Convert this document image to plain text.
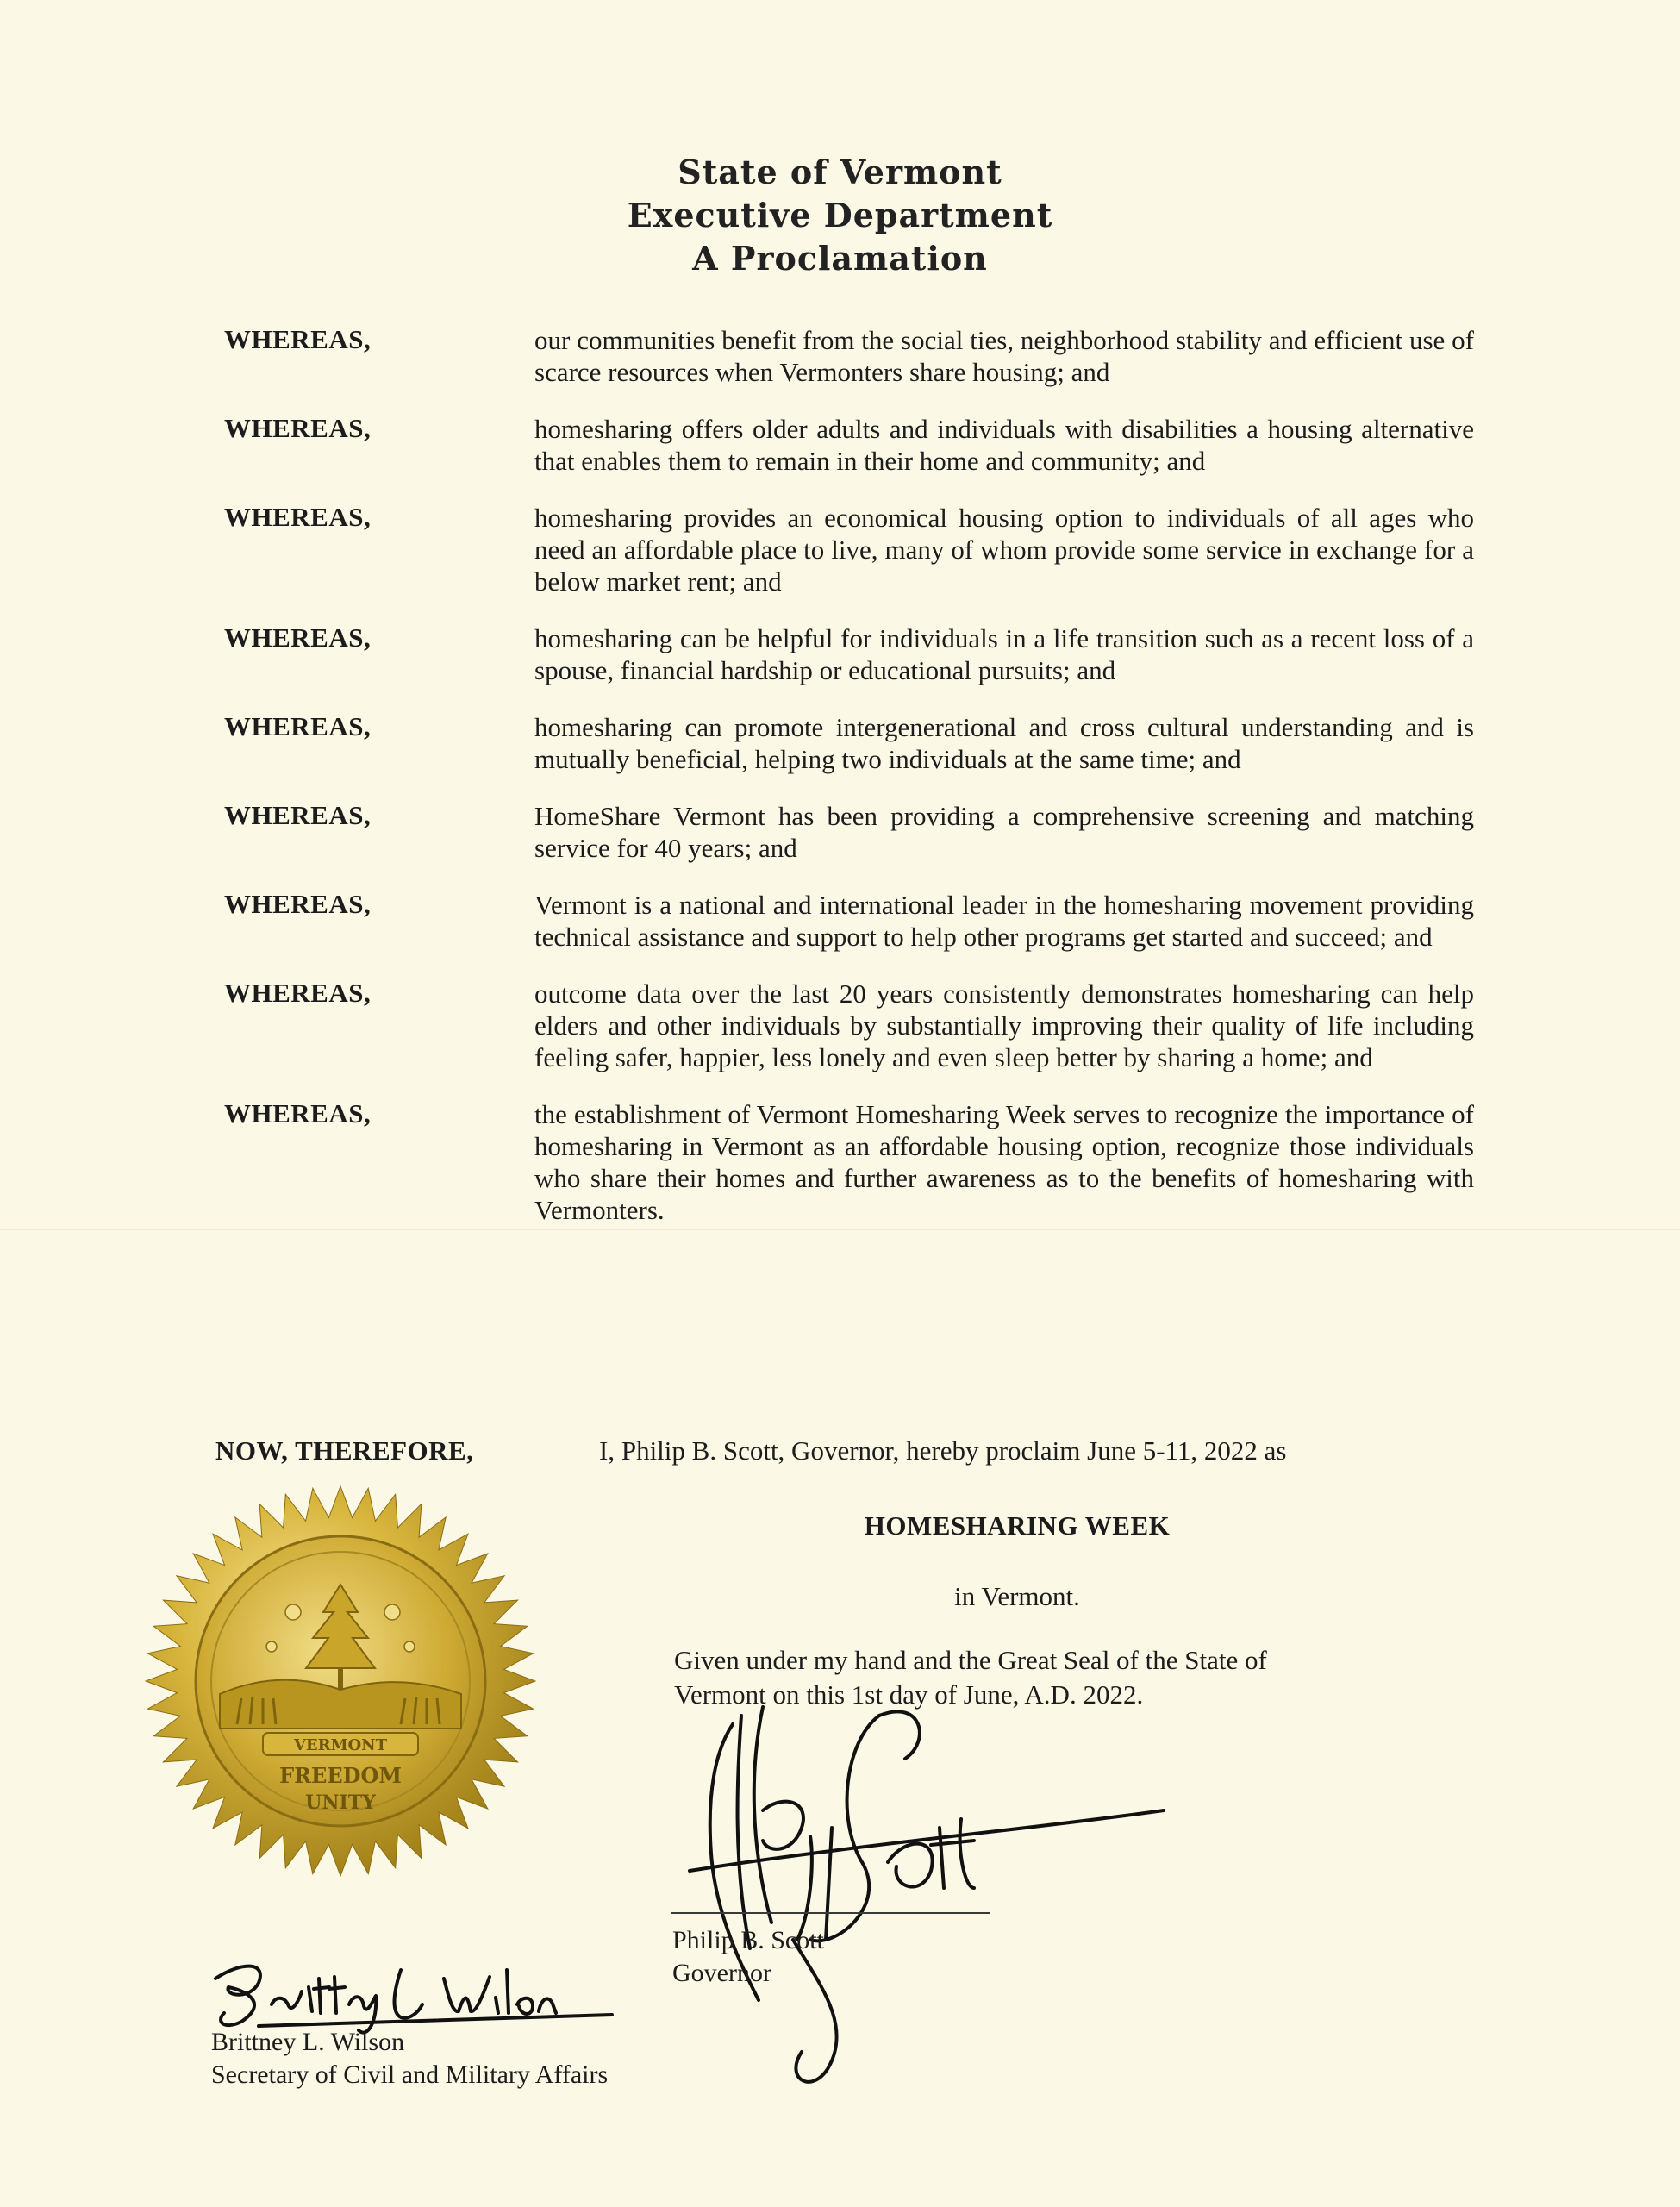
State of Vermont
Executive Department
A Proclamation
WHEREAS,	our communities benefit from the social ties, neighborhood stability and efficient use of scarce resources when Vermonters share housing; and
WHEREAS,	homesharing offers older adults and individuals with disabilities a housing alternative that enables them to remain in their home and community; and
WHEREAS,	homesharing provides an economical housing option to individuals of all ages who need an affordable place to live, many of whom provide some service in exchange for a below market rent; and
WHEREAS,	homesharing can be helpful for individuals in a life transition such as a recent loss of a spouse, financial hardship or educational pursuits; and
WHEREAS,	homesharing can promote intergenerational and cross cultural understanding and is mutually beneficial, helping two individuals at the same time; and
WHEREAS,	HomeShare Vermont has been providing a comprehensive screening and matching service for 40 years; and
WHEREAS,	Vermont is a national and international leader in the homesharing movement providing technical assistance and support to help other programs get started and succeed; and
WHEREAS,	outcome data over the last 20 years consistently demonstrates homesharing can help elders and other individuals by substantially improving their quality of life including feeling safer, happier, less lonely and even sleep better by sharing a home; and
WHEREAS,	the establishment of Vermont Homesharing Week serves to recognize the importance of homesharing in Vermont as an affordable housing option, recognize those individuals who share their homes and further awareness as to the benefits of homesharing with Vermonters.
NOW, THEREFORE,	I, Philip B. Scott, Governor, hereby proclaim June 5-11, 2022 as
HOMESHARING WEEK
in Vermont.
Given under my hand and the Great Seal of the State of
Vermont on this 1st day of June, A.D. 2022.
VERMONT
FREEDOM
UNITY
Philip B. Scott
Governor
Brittney L. Wilson
Secretary of Civil and Military Affairs
